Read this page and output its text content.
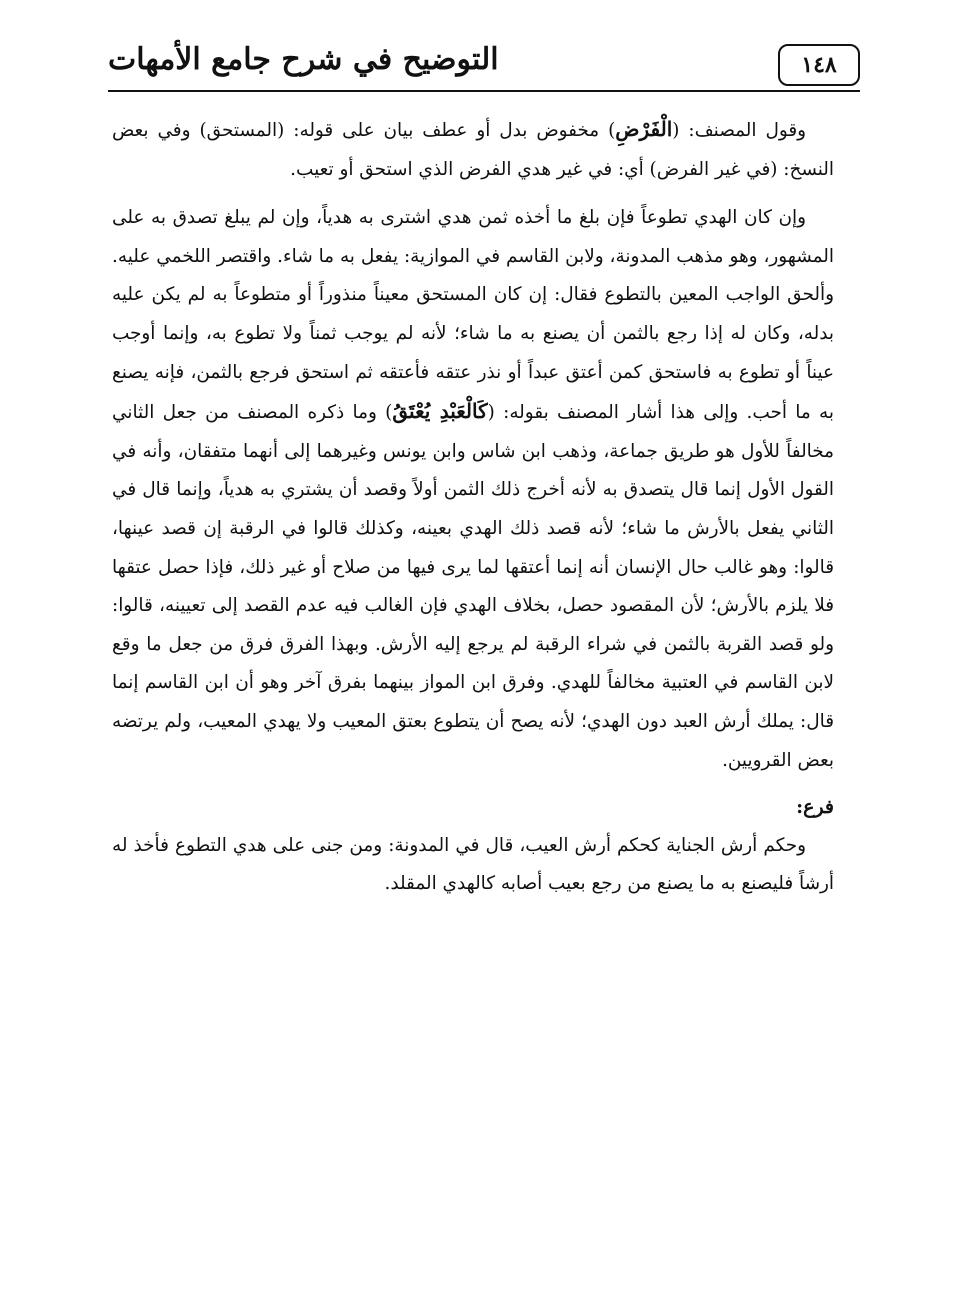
١٤٨
التوضيح في شرح جامع الأمهات

وقول المصنف: (الْفَرْضِ) مخفوض بدل أو عطف بيان على قوله: (المستحق) وفي بعض النسخ: (في غير الفرض) أي: في غير هدي الفرض الذي استحق أو تعيب.

وإن كان الهدي تطوعاً فإن بلغ ما أخذه ثمن هدي اشترى به هدياً، وإن لم يبلغ تصدق به على المشهور، وهو مذهب المدونة، ولابن القاسم في الموازية: يفعل به ما شاء. واقتصر اللخمي عليه. وألحق الواجب المعين بالتطوع فقال: إن كان المستحق معيناً منذوراً أو متطوعاً به لم يكن عليه بدله، وكان له إذا رجع بالثمن أن يصنع به ما شاء؛ لأنه لم يوجب ثمناً ولا تطوع به، وإنما أوجب عيناً أو تطوع به فاستحق كمن أعتق عبداً أو نذر عتقه فأعتقه ثم استحق فرجع بالثمن، فإنه يصنع به ما أحب. وإلى هذا أشار المصنف بقوله: (كَالْعَبْدِ يُعْتَقُ) وما ذكره المصنف من جعل الثاني مخالفاً للأول هو طريق جماعة، وذهب ابن شاس وابن يونس وغيرهما إلى أنهما متفقان، وأنه في القول الأول إنما قال يتصدق به لأنه أخرج ذلك الثمن أولاً وقصد أن يشتري به هدياً، وإنما قال في الثاني يفعل بالأرش ما شاء؛ لأنه قصد ذلك الهدي بعينه، وكذلك قالوا في الرقبة إن قصد عينها، قالوا: وهو غالب حال الإنسان أنه إنما أعتقها لما يرى فيها من صلاح أو غير ذلك، فإذا حصل عتقها فلا يلزم بالأرش؛ لأن المقصود حصل، بخلاف الهدي فإن الغالب فيه عدم القصد إلى تعيينه، قالوا: ولو قصد القربة بالثمن في شراء الرقبة لم يرجع إليه الأرش. وبهذا الفرق فرق من جعل ما وقع لابن القاسم في العتبية مخالفاً للهدي. وفرق ابن المواز بينهما بفرق آخر وهو أن ابن القاسم إنما قال: يملك أرش العبد دون الهدي؛ لأنه يصح أن يتطوع بعتق المعيب ولا يهدي المعيب، ولم يرتضه بعض القرويين.

فرع:

وحكم أرش الجناية كحكم أرش العيب، قال في المدونة: ومن جنى على هدي التطوع فأخذ له أرشاً فليصنع به ما يصنع من رجع بعيب أصابه كالهدي المقلد.
